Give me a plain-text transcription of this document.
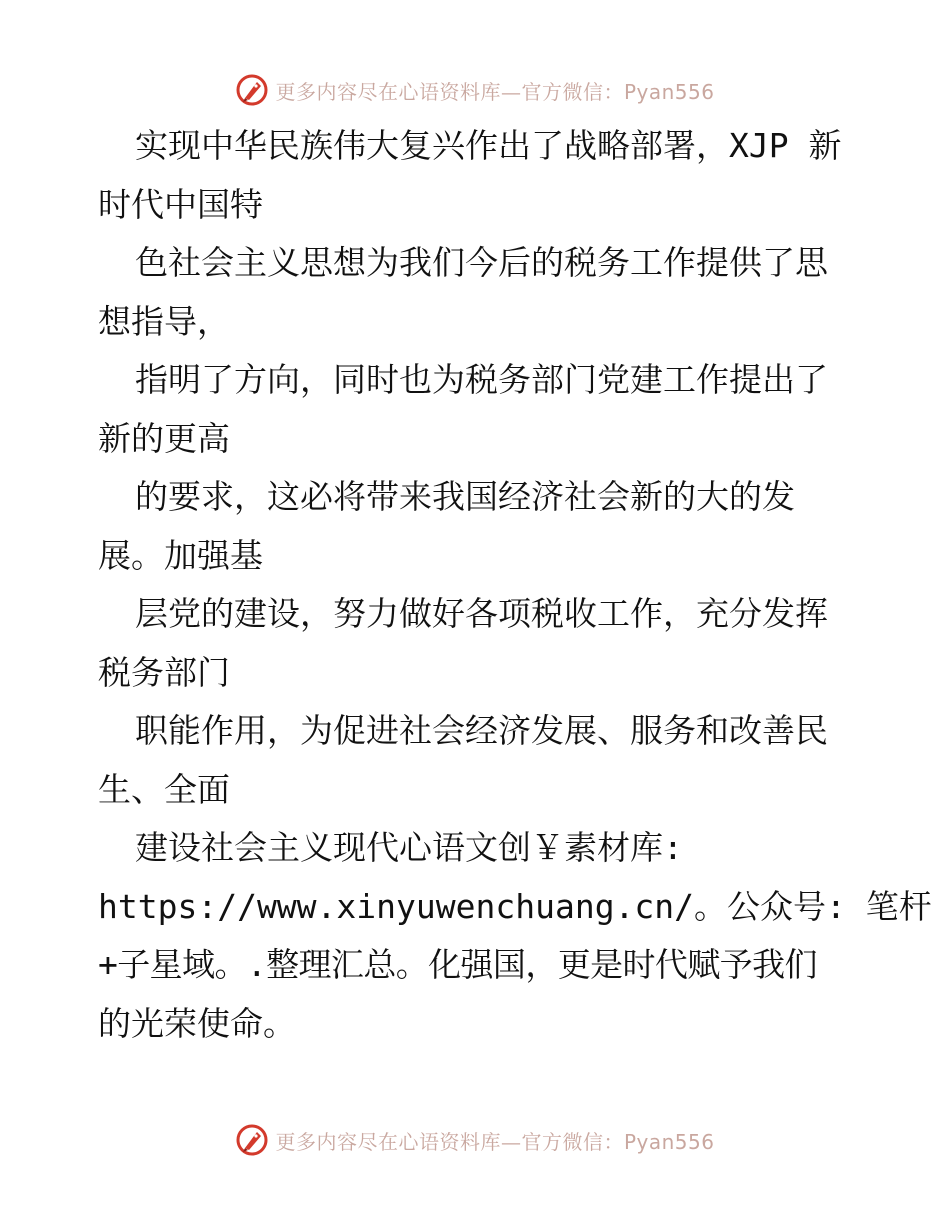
更多内容尽在心语资料库—官方微信：Pyan556
实现中华民族伟大复兴作出了战略部署，XJP 新
时代中国特
色社会主义思想为我们今后的税务工作提供了思
想指导，
指明了方向，同时也为税务部门党建工作提出了
新的更高
的要求，这必将带来我国经济社会新的大的发
展。加强基
层党的建设，努力做好各项税收工作，充分发挥
税务部门
职能作用，为促进社会经济发展、服务和改善民
生、全面
建设社会主义现代心语文创￥素材库:
https://www.xinyuwenchuang.cn/。公众号: 笔杆
+子星域。.整理汇总。化强国，更是时代赋予我们
的光荣使命。
更多内容尽在心语资料库—官方微信：Pyan556
